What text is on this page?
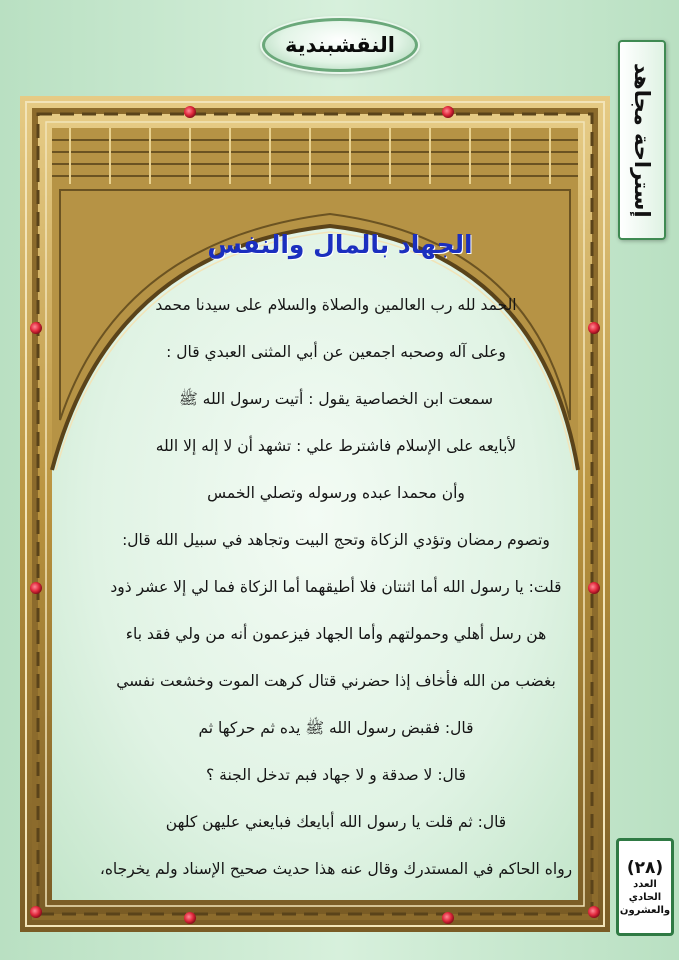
النقشبندية
إستراحة مجاهد
الجهاد بالمال والنفس
الحمد لله رب العالمين والصلاة والسلام على سيدنا محمد
وعلى آله وصحبه اجمعين عن أبي المثنى العبدي قال :
سمعت ابن الخصاصية يقول : أتيت رسول الله ﷺ
لأبايعه على الإسلام فاشترط علي : تشهد أن لا إله إلا الله
وأن محمدا عبده ورسوله وتصلي الخمس
وتصوم رمضان وتؤدي الزكاة وتحج البيت وتجاهد في سبيل الله قال:
قلت: يا رسول الله أما اثنتان فلا أطيقهما أما الزكاة فما لي إلا عشر ذود
هن رسل أهلي وحمولتهم وأما الجهاد فيزعمون أنه من ولي فقد باء
بغضب من الله فأخاف إذا حضرني قتال كرهت الموت وخشعت نفسي
قال: فقبض رسول الله ﷺ يده ثم حركها ثم
قال: لا صدقة و لا جهاد فبم تدخل الجنة ؟
قال: ثم قلت يا رسول الله أبايعك فبايعني عليهن كلهن
رواه الحاكم في المستدرك وقال عنه هذا حديث صحيح الإسناد ولم يخرجاه،	(٢٨)
العدد
الحادي
والعشرون
